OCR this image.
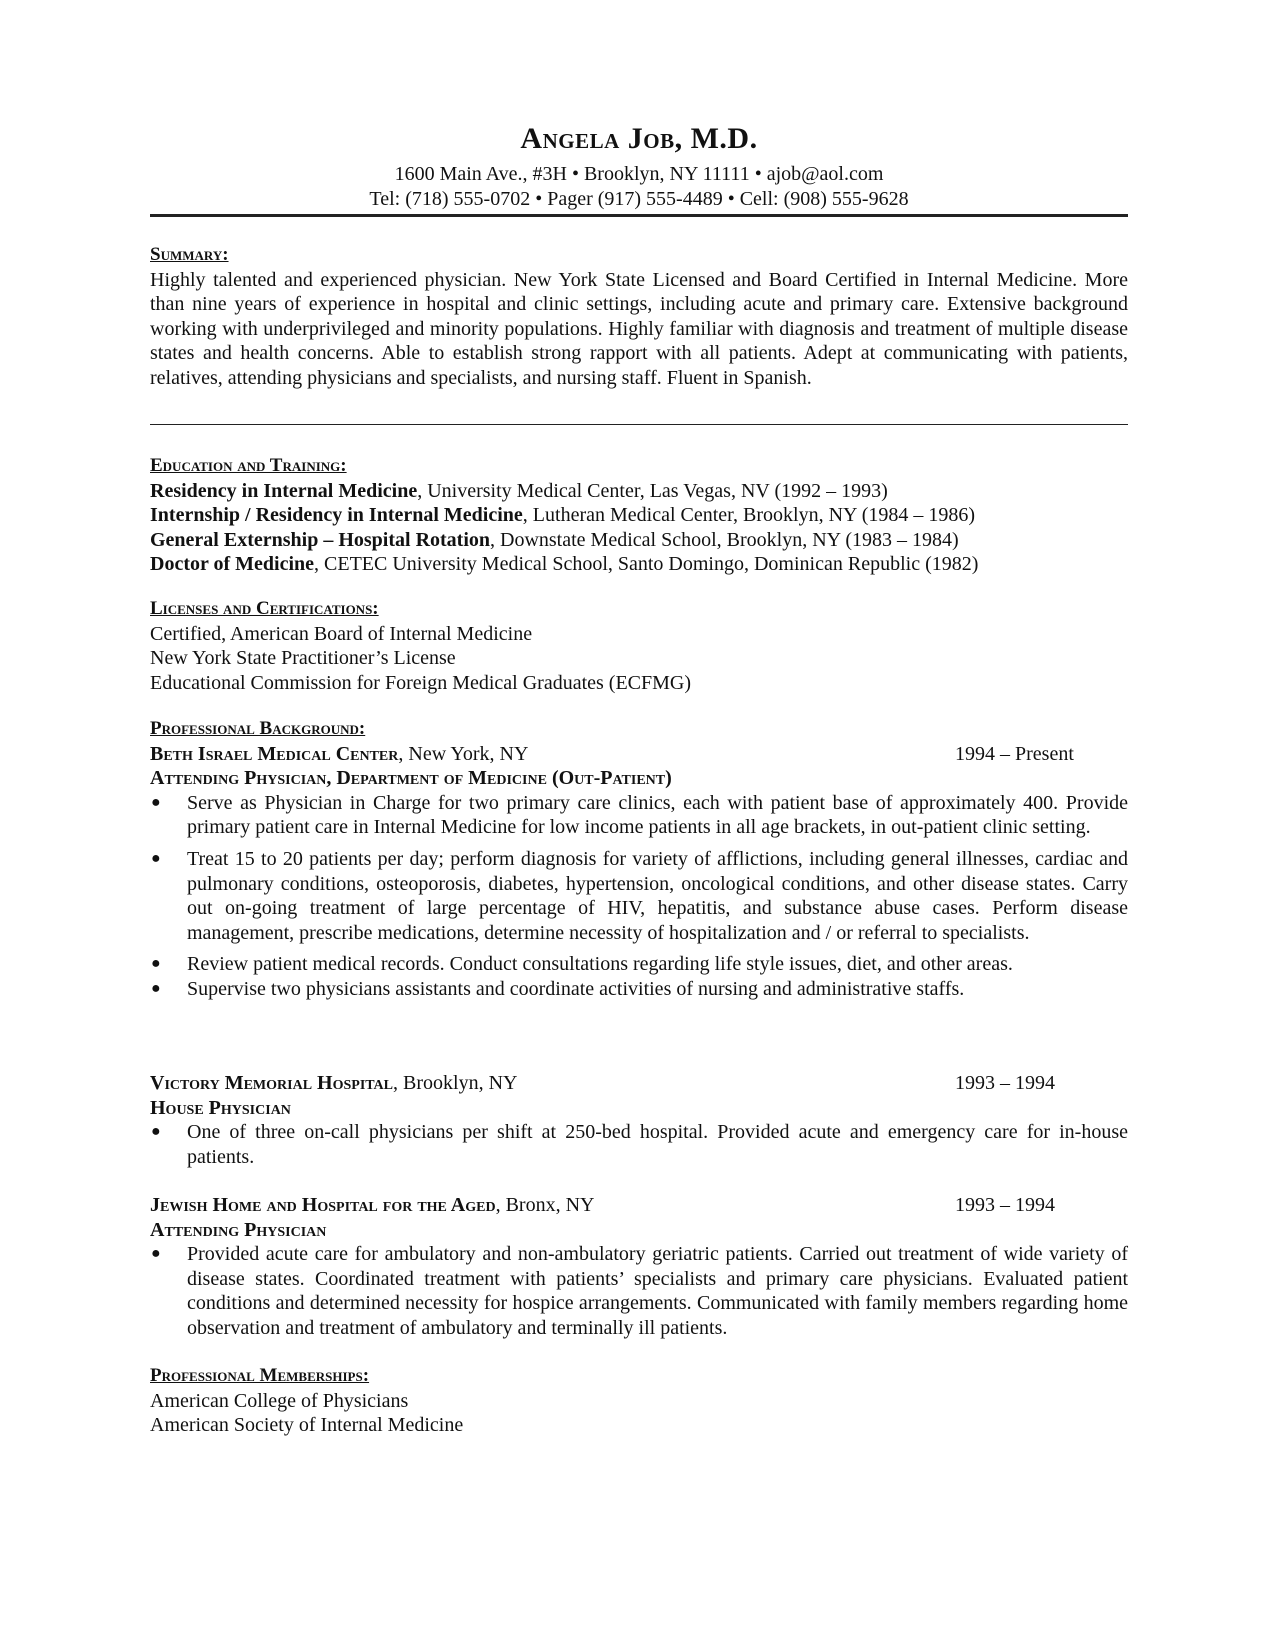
Angela Job, M.D.
1600 Main Ave., #3H • Brooklyn, NY 11111 • ajob@aol.com
Tel: (718) 555-0702 • Pager (917) 555-4489 • Cell: (908) 555-9628
Summary:
Highly talented and experienced physician. New York State Licensed and Board Certified in Internal Medicine. More than nine years of experience in hospital and clinic settings, including acute and primary care. Extensive background working with underprivileged and minority populations. Highly familiar with diagnosis and treatment of multiple disease states and health concerns. Able to establish strong rapport with all patients. Adept at communicating with patients, relatives, attending physicians and specialists, and nursing staff. Fluent in Spanish.
Education and Training:
Residency in Internal Medicine, University Medical Center, Las Vegas, NV (1992 – 1993)
Internship / Residency in Internal Medicine, Lutheran Medical Center, Brooklyn, NY (1984 – 1986)
General Externship – Hospital Rotation, Downstate Medical School, Brooklyn, NY (1983 – 1984)
Doctor of Medicine, CETEC University Medical School, Santo Domingo, Dominican Republic (1982)
Licenses and Certifications:
Certified, American Board of Internal Medicine
New York State Practitioner’s License
Educational Commission for Foreign Medical Graduates (ECFMG)
Professional Background:
Beth Israel Medical Center, New York, NY	1994 – Present
Attending Physician, Department of Medicine (Out-Patient)
● Serve as Physician in Charge for two primary care clinics, each with patient base of approximately 400. Provide primary patient care in Internal Medicine for low income patients in all age brackets, in out-patient clinic setting.
● Treat 15 to 20 patients per day; perform diagnosis for variety of afflictions, including general illnesses, cardiac and pulmonary conditions, osteoporosis, diabetes, hypertension, oncological conditions, and other disease states. Carry out on-going treatment of large percentage of HIV, hepatitis, and substance abuse cases. Perform disease management, prescribe medications, determine necessity of hospitalization and / or referral to specialists.
● Review patient medical records. Conduct consultations regarding life style issues, diet, and other areas.
● Supervise two physicians assistants and coordinate activities of nursing and administrative staffs.
Victory Memorial Hospital, Brooklyn, NY	1993 – 1994
House Physician
● One of three on-call physicians per shift at 250-bed hospital. Provided acute and emergency care for in-house patients.
Jewish Home and Hospital for the Aged, Bronx, NY	1993 – 1994
Attending Physician
● Provided acute care for ambulatory and non-ambulatory geriatric patients. Carried out treatment of wide variety of disease states. Coordinated treatment with patients’ specialists and primary care physicians. Evaluated patient conditions and determined necessity for hospice arrangements. Communicated with family members regarding home observation and treatment of ambulatory and terminally ill patients.
Professional Memberships:
American College of Physicians
American Society of Internal Medicine
